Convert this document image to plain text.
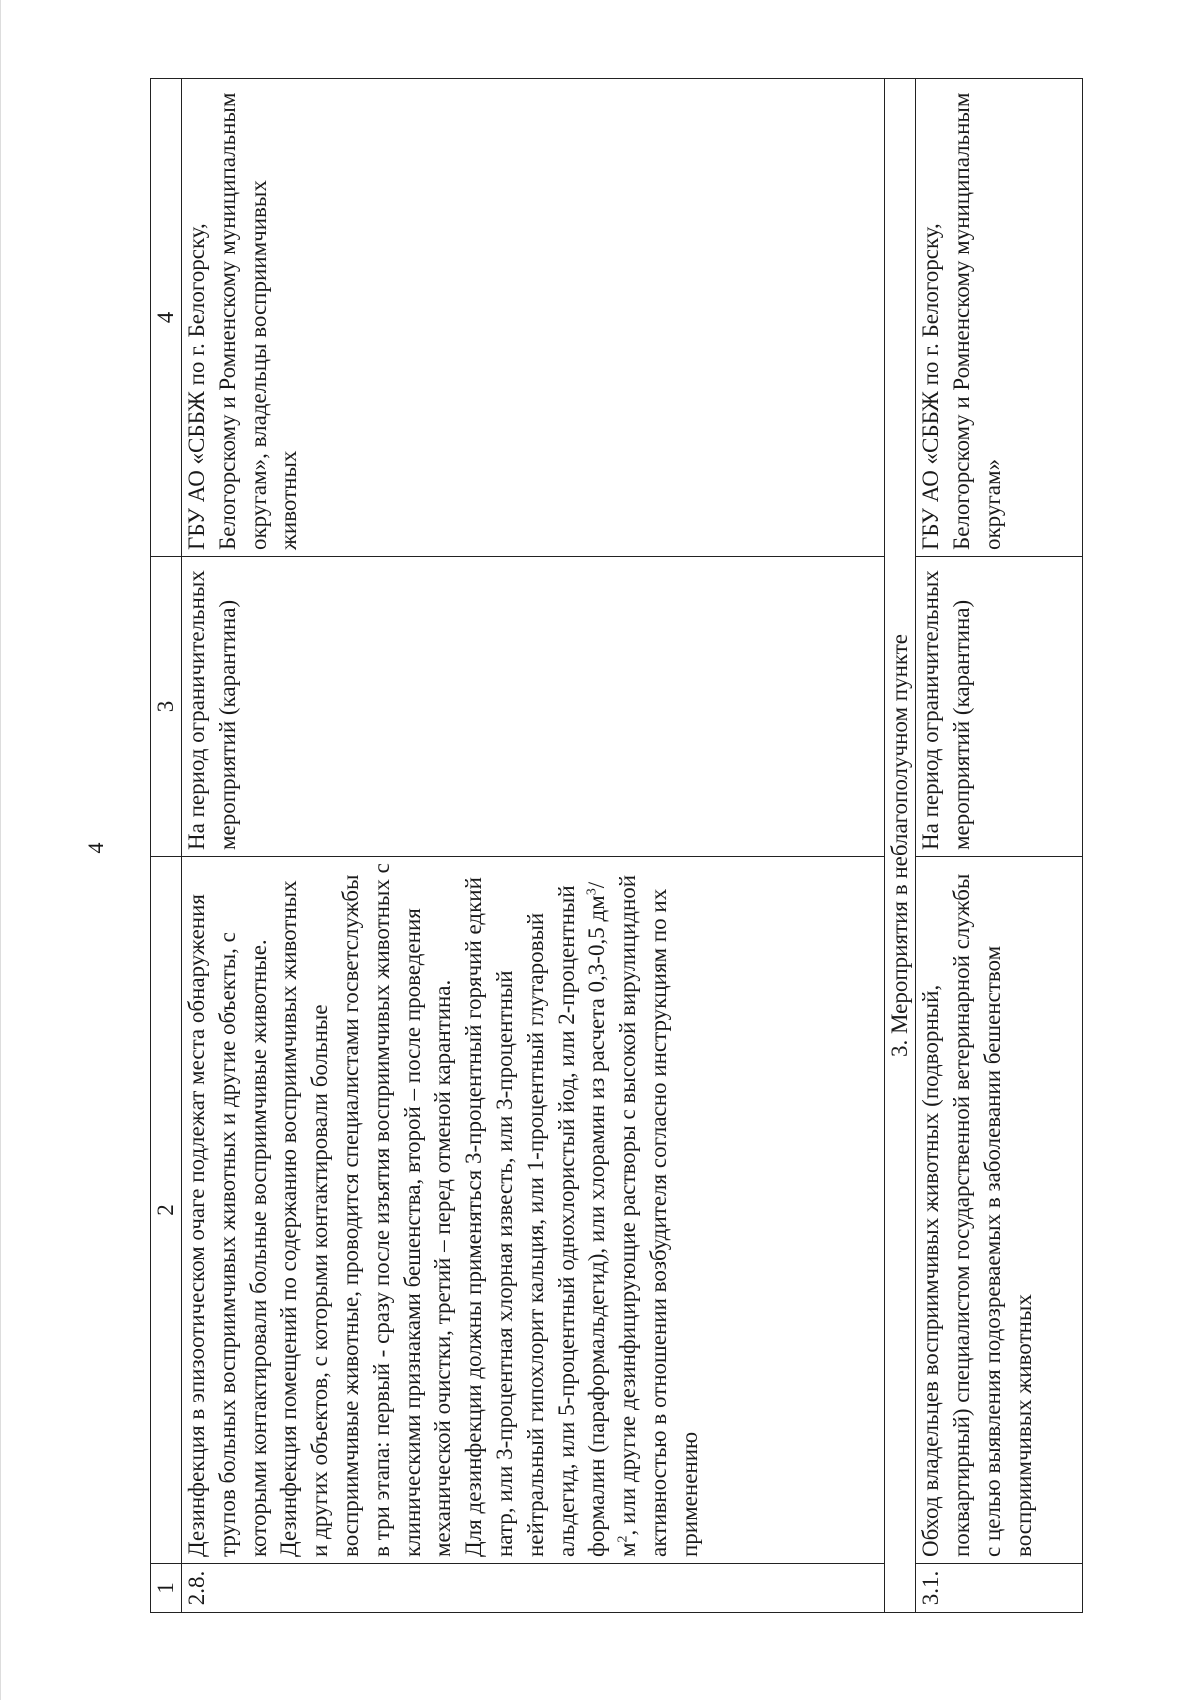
4
1	2	3	4
2.8.	Дезинфекция в эпизоотическом очаге подлежат места обнаружения трупов больных восприимчивых животных и другие объекты, с которыми контактировали больные восприимчивые животные. Дезинфекция помещений по содержанию восприимчивых животных и других объектов, с которыми контактировали больные восприимчивые животные, проводится специалистами госветслужбы в три этапа: первый - сразу после изъятия восприимчивых животных с клиническими признаками бешенства, второй – после проведения механической очистки, третий – перед отменой карантина. Для дезинфекции должны применяться 3-процентный горячий едкий натр, или 3-процентная хлорная известь, или 3-процентный нейтральный гипохлорит кальция, или 1-процентный глутаровый альдегид, или 5-процентный однохлористый йод, или 2-процентный формалин (параформальдегид), или хлорамин из расчета 0,3-0,5 $дм^3/м^2$, или другие дезинфицирующие растворы с высокой вирулицидной активностью в отношении возбудителя согласно инструкциям по их применению	На период ограничительных мероприятий (карантина)	ГБУ АО «СББЖ по г. Белогорску, Белогорскому и Ромненскому муниципальным округам», владельцы восприимчивых животных
3. Мероприятия в неблагополучном пункте			
3.1.	Обход владельцев восприимчивых животных (подворный, поквартирный) специалистом государственной ветеринарной службы с целью выявления подозреваемых в заболевании бешенством восприимчивых животных	На период ограничительных мероприятий (карантина)	ГБУ АО «СББЖ по г. Белогорску, Белогорскому и Ромненскому муниципальным округам»
